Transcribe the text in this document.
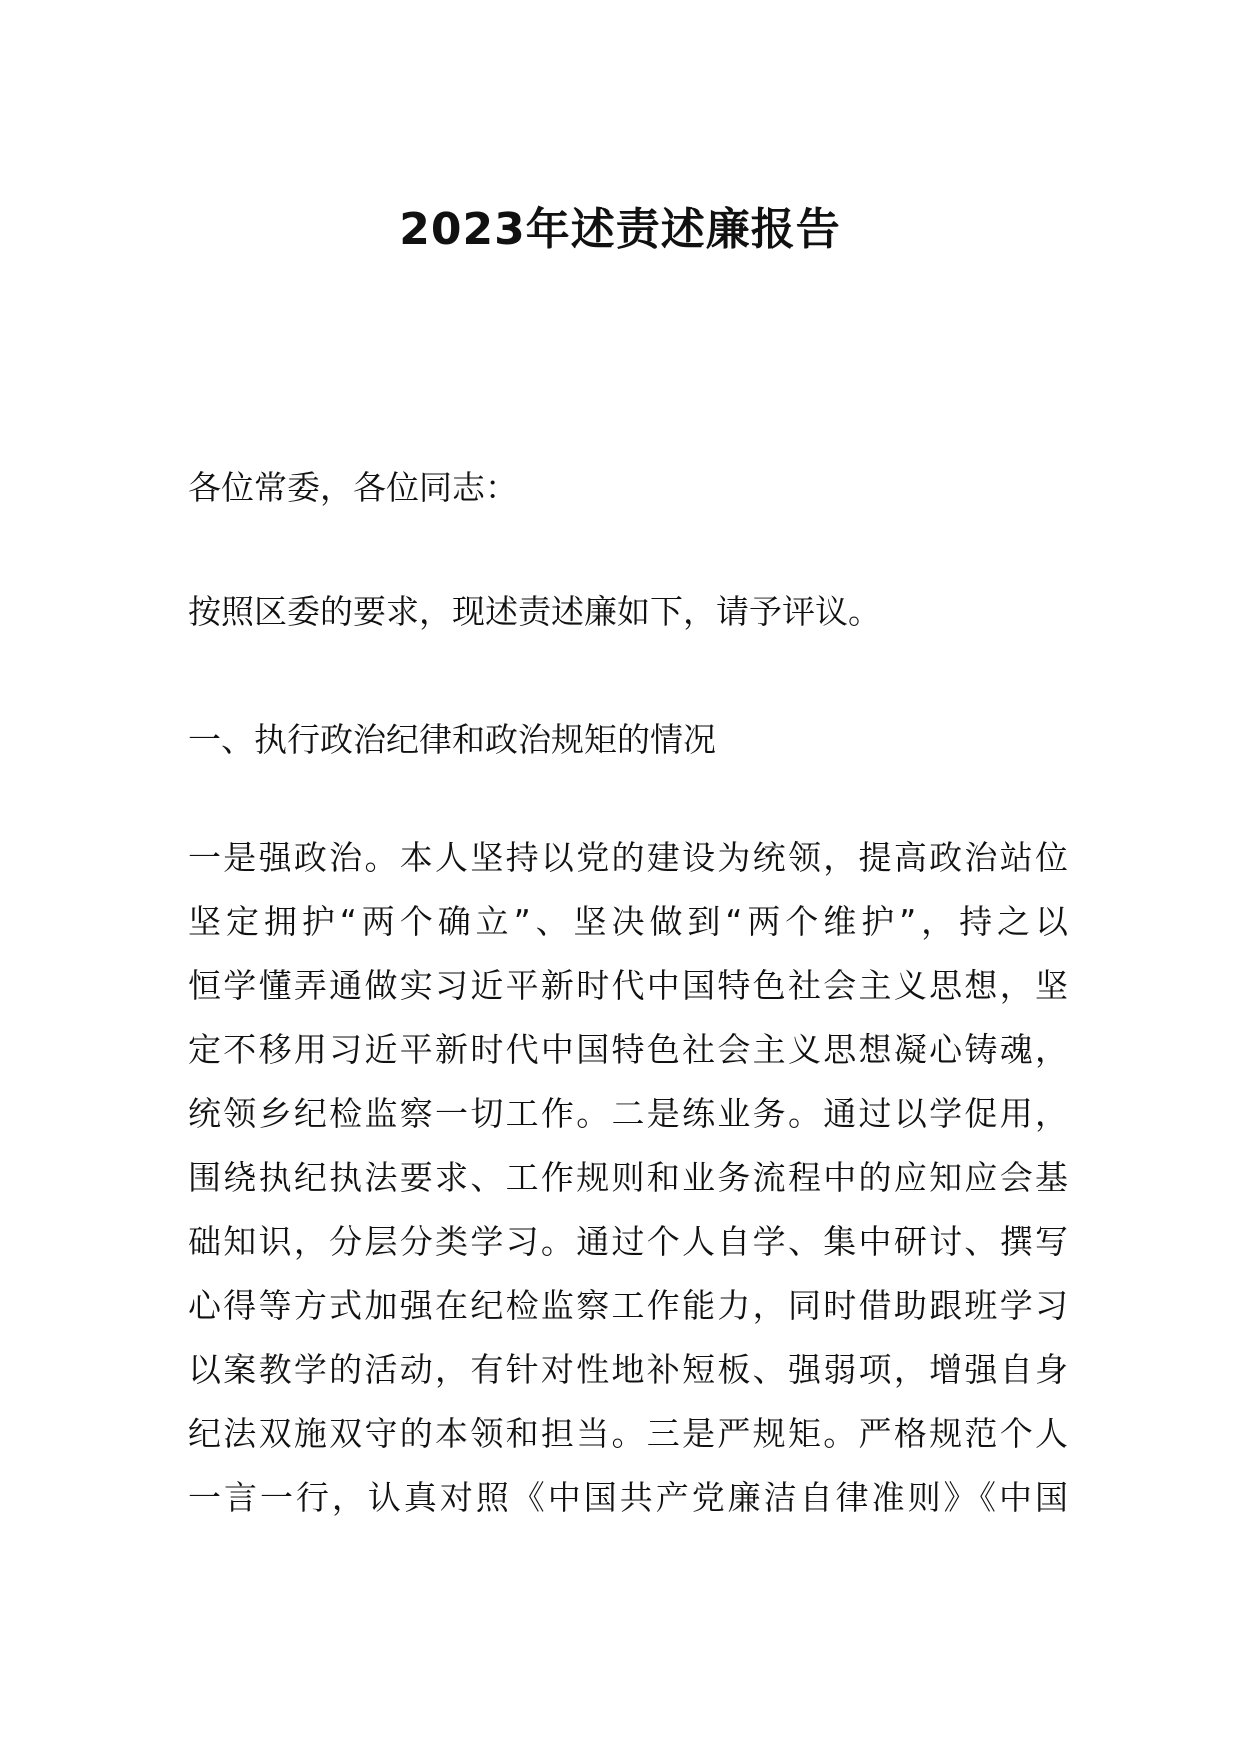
2023年述责述廉报告

各位常委，各位同志：

按照区委的要求，现述责述廉如下，请予评议。

一、执行政治纪律和政治规矩的情况

一是强政治。本人坚持以党的建设为统领，提高政治站位
坚定拥护“两个确立”、坚决做到“两个维护”，持之以
恒学懂弄通做实习近平新时代中国特色社会主义思想，坚
定不移用习近平新时代中国特色社会主义思想凝心铸魂，
统领乡纪检监察一切工作。二是练业务。通过以学促用，
围绕执纪执法要求、工作规则和业务流程中的应知应会基
础知识，分层分类学习。通过个人自学、集中研讨、撰写
心得等方式加强在纪检监察工作能力，同时借助跟班学习
以案教学的活动，有针对性地补短板、强弱项，增强自身
纪法双施双守的本领和担当。三是严规矩。严格规范个人
一言一行，认真对照《中国共产党廉洁自律准则》《中国
